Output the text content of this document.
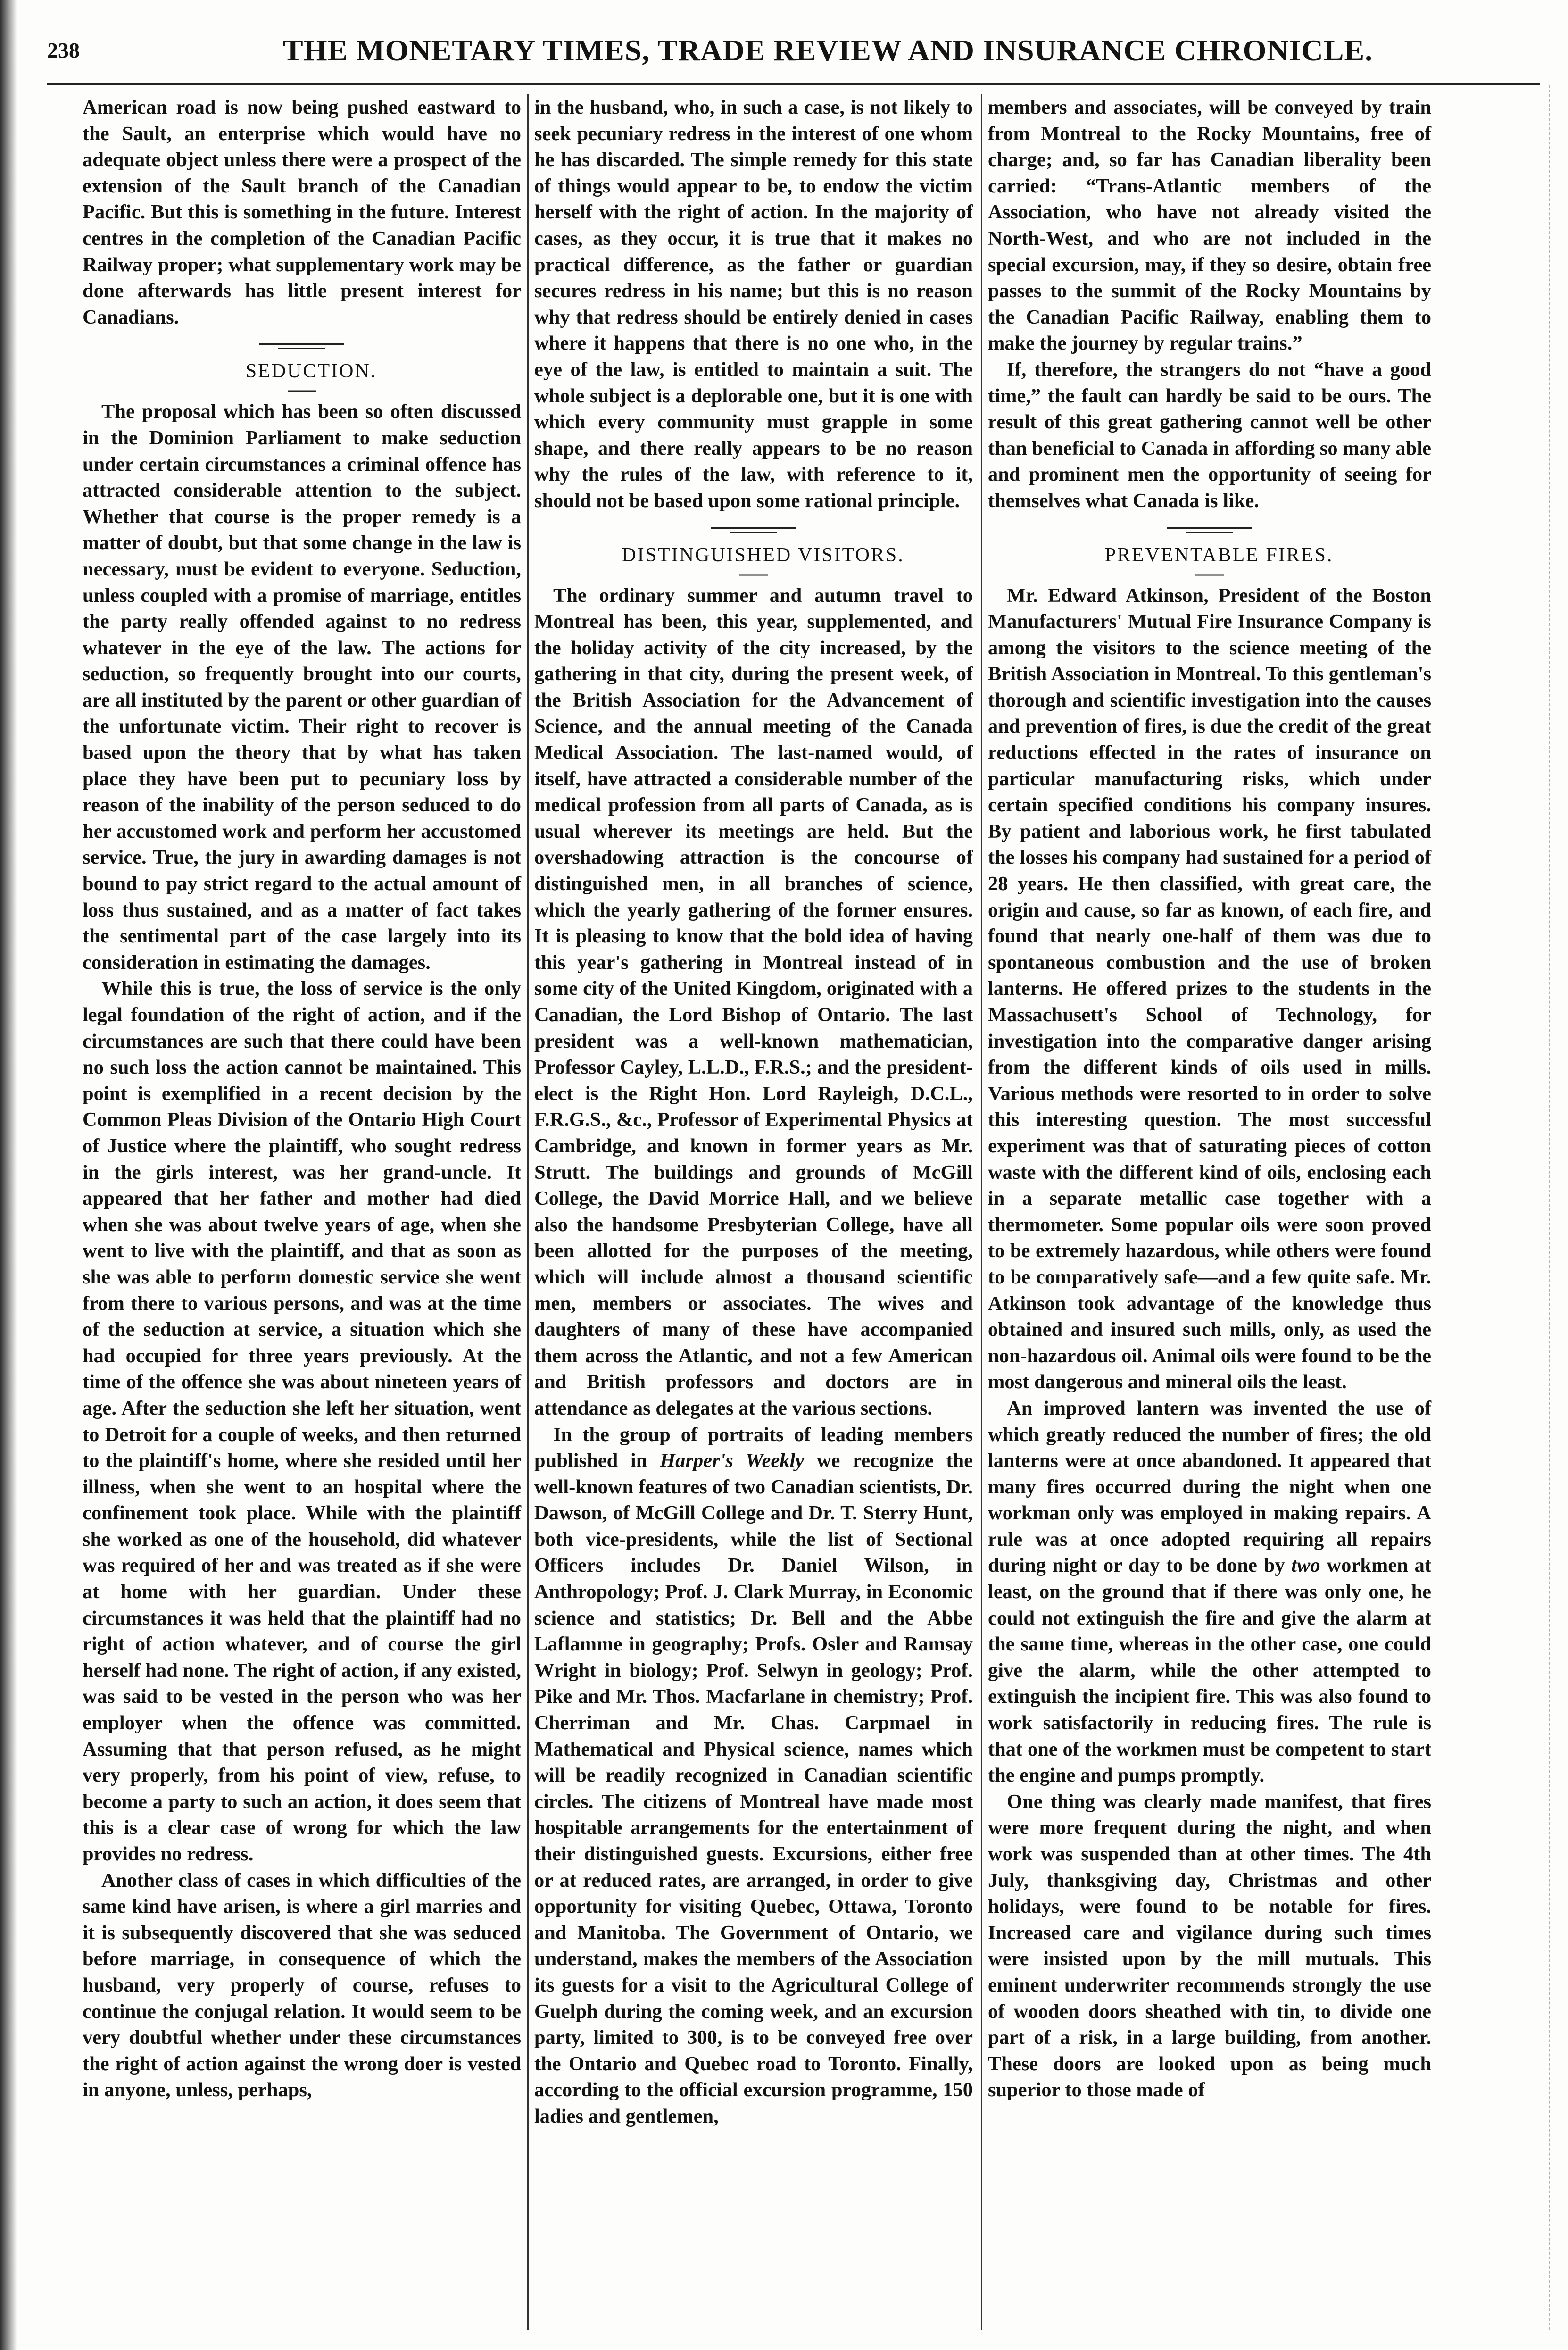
238	THE MONETARY TIMES, TRADE REVIEW AND INSURANCE CHRONICLE.

American road is now being pushed eastward to the Sault, an enterprise which would have no adequate object unless there were a prospect of the extension of the Sault branch of the Canadian Pacific. But this is something in the future. Interest centres in the completion of the Canadian Pacific Railway proper; what supplementary work may be done afterwards has little present interest for Canadians.

SEDUCTION.

The proposal which has been so often discussed in the Dominion Parliament to make seduction under certain circumstances a criminal offence has attracted considerable attention to the subject. Whether that course is the proper remedy is a matter of doubt, but that some change in the law is necessary, must be evident to everyone. Seduction, unless coupled with a promise of marriage, entitles the party really offended against to no redress whatever in the eye of the law. The actions for seduction, so frequently brought into our courts, are all instituted by the parent or other guardian of the unfortunate victim. Their right to recover is based upon the theory that by what has taken place they have been put to pecuniary loss by reason of the inability of the person seduced to do her accustomed work and perform her accustomed service. True, the jury in awarding damages is not bound to pay strict regard to the actual amount of loss thus sustained, and as a matter of fact takes the sentimental part of the case largely into its consideration in estimating the damages.

While this is true, the loss of service is the only legal foundation of the right of action, and if the circumstances are such that there could have been no such loss the action cannot be maintained. This point is exemplified in a recent decision by the Common Pleas Division of the Ontario High Court of Justice where the plaintiff, who sought redress in the girls interest, was her grand-uncle. It appeared that her father and mother had died when she was about twelve years of age, when she went to live with the plaintiff, and that as soon as she was able to perform domestic service she went from there to various persons, and was at the time of the seduction at service, a situation which she had occupied for three years previously. At the time of the offence she was about nineteen years of age. After the seduction she left her situation, went to Detroit for a couple of weeks, and then returned to the plaintiff's home, where she resided until her illness, when she went to an hospital where the confinement took place. While with the plaintiff she worked as one of the household, did whatever was required of her and was treated as if she were at home with her guardian. Under these circumstances it was held that the plaintiff had no right of action whatever, and of course the girl herself had none. The right of action, if any existed, was said to be vested in the person who was her employer when the offence was committed. Assuming that that person refused, as he might very properly, from his point of view, refuse, to become a party to such an action, it does seem that this is a clear case of wrong for which the law provides no redress.

Another class of cases in which difficulties of the same kind have arisen, is where a girl marries and it is subsequently discovered that she was seduced before marriage, in consequence of which the husband, very properly of course, refuses to continue the conjugal relation. It would seem to be very doubtful whether under these circumstances the right of action against the wrong doer is vested in anyone, unless, perhaps,

in the husband, who, in such a case, is not likely to seek pecuniary redress in the interest of one whom he has discarded. The simple remedy for this state of things would appear to be, to endow the victim herself with the right of action. In the majority of cases, as they occur, it is true that it makes no practical difference, as the father or guardian secures redress in his name; but this is no reason why that redress should be entirely denied in cases where it happens that there is no one who, in the eye of the law, is entitled to maintain a suit. The whole subject is a deplorable one, but it is one with which every community must grapple in some shape, and there really appears to be no reason why the rules of the law, with reference to it, should not be based upon some rational principle.

DISTINGUISHED VISITORS.

The ordinary summer and autumn travel to Montreal has been, this year, supplemented, and the holiday activity of the city increased, by the gathering in that city, during the present week, of the British Association for the Advancement of Science, and the annual meeting of the Canada Medical Association. The last-named would, of itself, have attracted a considerable number of the medical profession from all parts of Canada, as is usual wherever its meetings are held. But the overshadowing attraction is the concourse of distinguished men, in all branches of science, which the yearly gathering of the former ensures. It is pleasing to know that the bold idea of having this year's gathering in Montreal instead of in some city of the United Kingdom, originated with a Canadian, the Lord Bishop of Ontario. The last president was a well-known mathematician, Professor Cayley, L.L.D., F.R.S.; and the president-elect is the Right Hon. Lord Rayleigh, D.C.L., F.R.G.S., &c., Professor of Experimental Physics at Cambridge, and known in former years as Mr. Strutt. The buildings and grounds of McGill College, the David Morrice Hall, and we believe also the handsome Presbyterian College, have all been allotted for the purposes of the meeting, which will include almost a thousand scientific men, members or associates. The wives and daughters of many of these have accompanied them across the Atlantic, and not a few American and British professors and doctors are in attendance as delegates at the various sections.

In the group of portraits of leading members published in Harper's Weekly we recognize the well-known features of two Canadian scientists, Dr. Dawson, of McGill College and Dr. T. Sterry Hunt, both vice-presidents, while the list of Sectional Officers includes Dr. Daniel Wilson, in Anthropology; Prof. J. Clark Murray, in Economic science and statistics; Dr. Bell and the Abbe Laflamme in geography; Profs. Osler and Ramsay Wright in biology; Prof. Selwyn in geology; Prof. Pike and Mr. Thos. Macfarlane in chemistry; Prof. Cherriman and Mr. Chas. Carpmael in Mathematical and Physical science, names which will be readily recognized in Canadian scientific circles. The citizens of Montreal have made most hospitable arrangements for the entertainment of their distinguished guests. Excursions, either free or at reduced rates, are arranged, in order to give opportunity for visiting Quebec, Ottawa, Toronto and Manitoba. The Government of Ontario, we understand, makes the members of the Association its guests for a visit to the Agricultural College of Guelph during the coming week, and an excursion party, limited to 300, is to be conveyed free over the Ontario and Quebec road to Toronto. Finally, according to the official excursion programme, 150 ladies and gentlemen,

members and associates, will be conveyed by train from Montreal to the Rocky Mountains, free of charge; and, so far has Canadian liberality been carried: “Trans-Atlantic members of the Association, who have not already visited the North-West, and who are not included in the special excursion, may, if they so desire, obtain free passes to the summit of the Rocky Mountains by the Canadian Pacific Railway, enabling them to make the journey by regular trains.”

If, therefore, the strangers do not “have a good time,” the fault can hardly be said to be ours. The result of this great gathering cannot well be other than beneficial to Canada in affording so many able and prominent men the opportunity of seeing for themselves what Canada is like.

PREVENTABLE FIRES.

Mr. Edward Atkinson, President of the Boston Manufacturers' Mutual Fire Insurance Company is among the visitors to the science meeting of the British Association in Montreal. To this gentleman's thorough and scientific investigation into the causes and prevention of fires, is due the credit of the great reductions effected in the rates of insurance on particular manufacturing risks, which under certain specified conditions his company insures. By patient and laborious work, he first tabulated the losses his company had sustained for a period of 28 years. He then classified, with great care, the origin and cause, so far as known, of each fire, and found that nearly one-half of them was due to spontaneous combustion and the use of broken lanterns. He offered prizes to the students in the Massachusett's School of Technology, for investigation into the comparative danger arising from the different kinds of oils used in mills. Various methods were resorted to in order to solve this interesting question. The most successful experiment was that of saturating pieces of cotton waste with the different kind of oils, enclosing each in a separate metallic case together with a thermometer. Some popular oils were soon proved to be extremely hazardous, while others were found to be comparatively safe—and a few quite safe. Mr. Atkinson took advantage of the knowledge thus obtained and insured such mills, only, as used the non-hazardous oil. Animal oils were found to be the most dangerous and mineral oils the least.

An improved lantern was invented the use of which greatly reduced the number of fires; the old lanterns were at once abandoned. It appeared that many fires occurred during the night when one workman only was employed in making repairs. A rule was at once adopted requiring all repairs during night or day to be done by two workmen at least, on the ground that if there was only one, he could not extinguish the fire and give the alarm at the same time, whereas in the other case, one could give the alarm, while the other attempted to extinguish the incipient fire. This was also found to work satisfactorily in reducing fires. The rule is that one of the workmen must be competent to start the engine and pumps promptly.

One thing was clearly made manifest, that fires were more frequent during the night, and when work was suspended than at other times. The 4th July, thanksgiving day, Christmas and other holidays, were found to be notable for fires. Increased care and vigilance during such times were insisted upon by the mill mutuals. This eminent underwriter recommends strongly the use of wooden doors sheathed with tin, to divide one part of a risk, in a large building, from another. These doors are looked upon as being much superior to those made of
